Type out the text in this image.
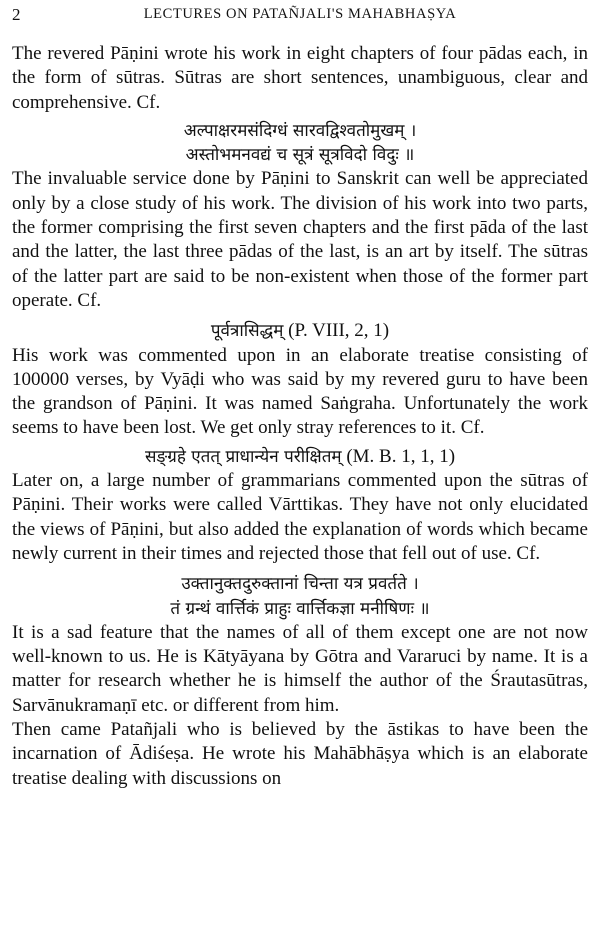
2	LECTURES ON PATAÑJALI'S MAHABHAṢYA

The revered Pāṇini wrote his work in eight chapters of four pādas each, in the form of sūtras. Sūtras are short sentences, unambiguous, clear and comprehensive. Cf.

अल्पाक्षरमसंदिग्धं सारवद्विश्वतोमुखम् ।
अस्तोभमनवद्यं च सूत्रं सूत्रविदो विदुः ॥

The invaluable service done by Pāṇini to Sanskrit can well be appreciated only by a close study of his work. The division of his work into two parts, the former comprising the first seven chapters and the first pāda of the last and the latter, the last three pādas of the last, is an art by itself. The sūtras of the latter part are said to be non-existent when those of the former part operate. Cf.

पूर्वत्रासिद्धम् (P. VIII, 2, 1)

His work was commented upon in an elaborate treatise consisting of 100000 verses, by Vyāḍi who was said by my revered guru to have been the grandson of Pāṇini. It was named Saṅgraha. Unfortunately the work seems to have been lost. We get only stray references to it. Cf.

सङ्ग्रहे एतत् प्राधान्येन परीक्षितम् (M. B. 1, 1, 1)

Later on, a large number of grammarians commented upon the sūtras of Pāṇini. Their works were called Vārttikas. They have not only elucidated the views of Pāṇini, but also added the explanation of words which became newly current in their times and rejected those that fell out of use. Cf.

उक्तानुक्तदुरुक्तानां चिन्ता यत्र प्रवर्तते ।
तं ग्रन्थं वार्त्तिकं प्राहुः वार्त्तिकज्ञा मनीषिणः ॥

It is a sad feature that the names of all of them except one are not now well-known to us. He is Kātyāyana by Gōtra and Vararuci by name. It is a matter for research whether he is himself the author of the Śrautasūtras, Sarvānukramaṇī etc. or different from him.

Then came Patañjali who is believed by the āstikas to have been the incarnation of Ādiśeṣa. He wrote his Mahābhāṣya which is an elaborate treatise dealing with discussions on
